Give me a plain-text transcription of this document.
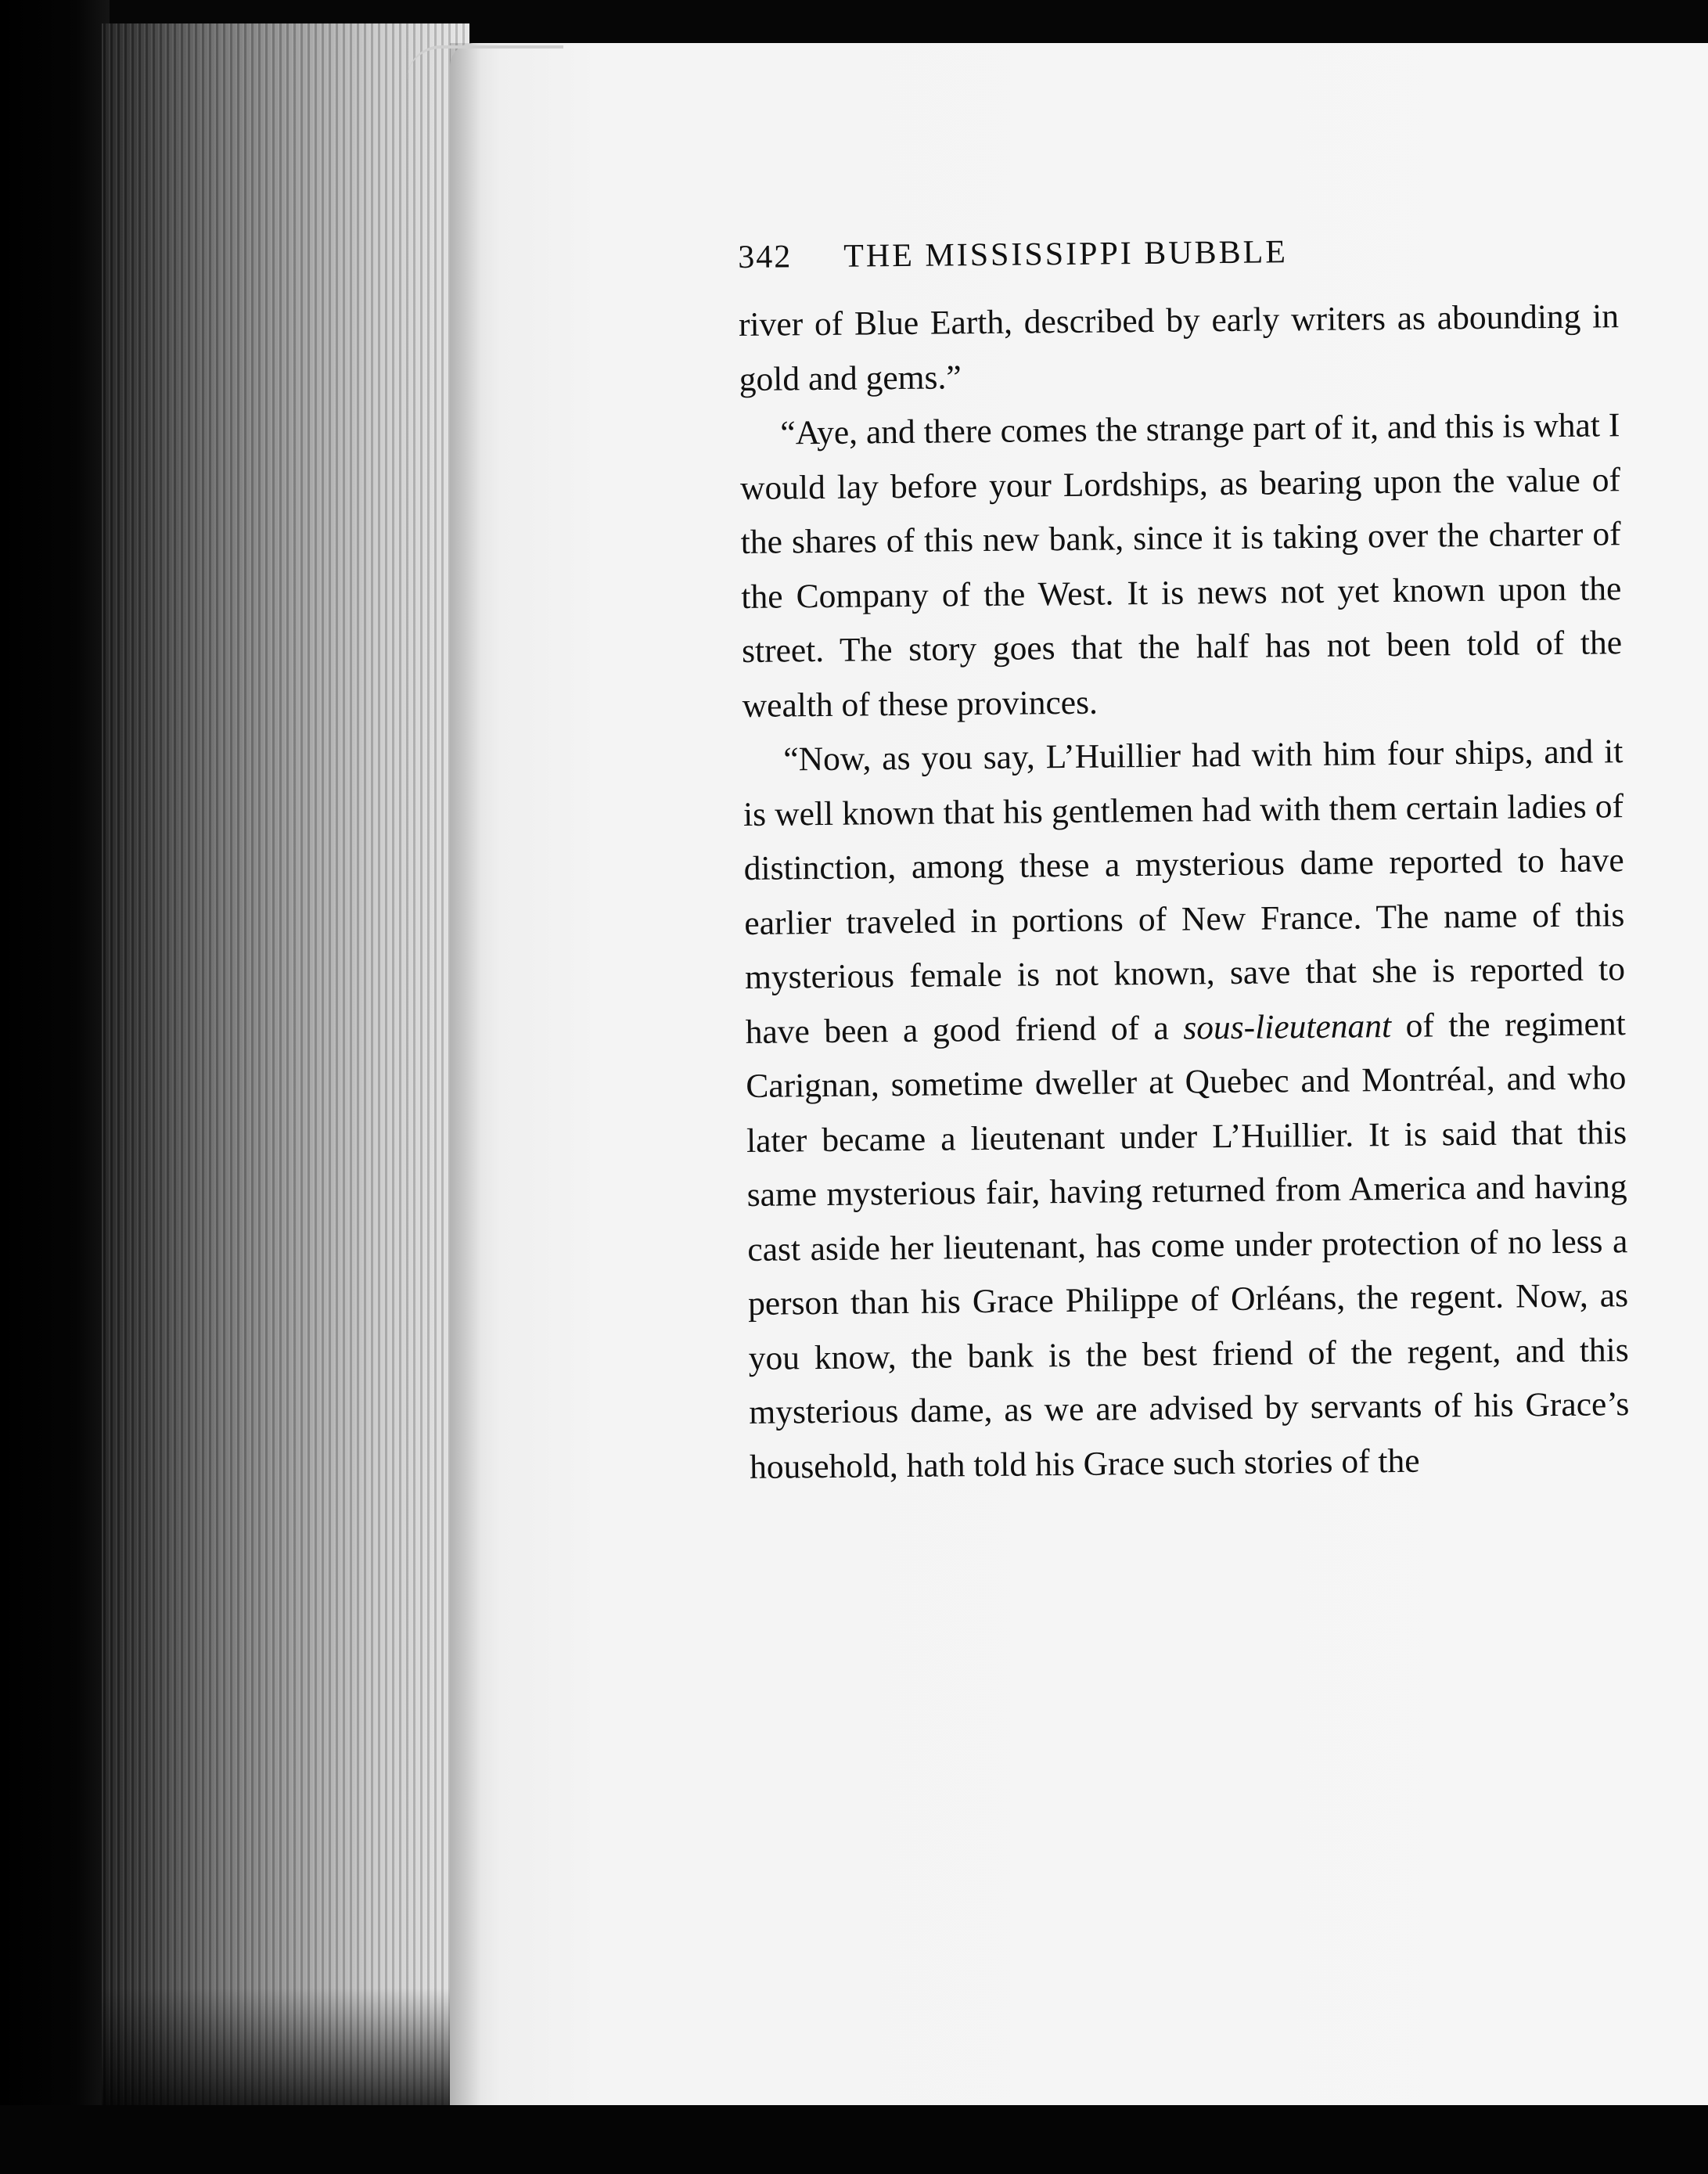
342	THE MISSISSIPPI BUBBLE

river of Blue Earth, described by early writers as abounding in gold and gems.”

“Aye, and there comes the strange part of it, and this is what I would lay before your Lordships, as bearing upon the value of the shares of this new bank, since it is taking over the charter of the Company of the West. It is news not yet known upon the street. The story goes that the half has not been told of the wealth of these provinces.

“Now, as you say, L’Huillier had with him four ships, and it is well known that his gentlemen had with them certain ladies of distinction, among these a mysterious dame reported to have earlier traveled in portions of New France. The name of this mysterious female is not known, save that she is reported to have been a good friend of a sous-lieutenant of the regiment Carignan, sometime dweller at Quebec and Montréal, and who later became a lieutenant under L’Huillier. It is said that this same mysterious fair, having returned from America and having cast aside her lieutenant, has come under protection of no less a person than his Grace Philippe of Orléans, the regent. Now, as you know, the bank is the best friend of the regent, and this mysterious dame, as we are advised by servants of his Grace’s household, hath told his Grace such stories of the
